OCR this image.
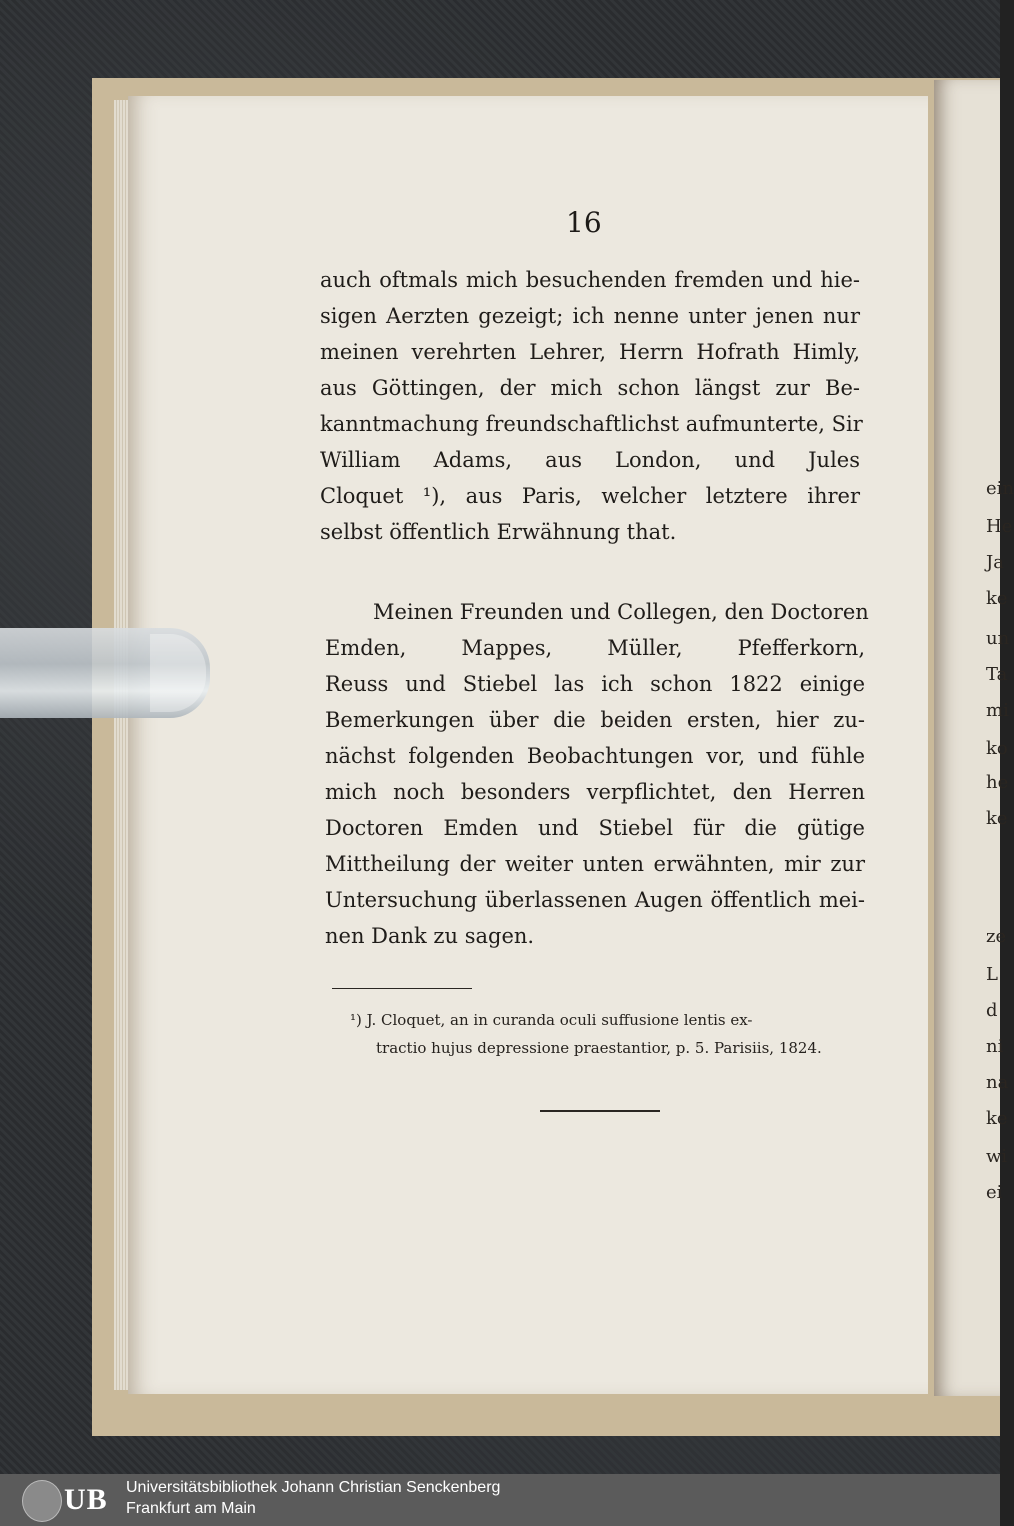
ein
He
Ja
ke
un
Ta
mi
ko
he
ke
ze
L
d
ni
na
ke
wi
ei
16
auch oftmals mich besuchenden fremden und hie-
sigen Aerzten gezeigt; ich nenne unter jenen nur
meinen verehrten Lehrer, Herrn Hofrath Himly,
aus Göttingen, der mich schon längst zur Be-
kanntmachung freundschaftlichst aufmunterte, Sir
William Adams, aus London, und Jules
Cloquet ¹), aus Paris, welcher letztere ihrer
selbst öffentlich Erwähnung that.
Meinen Freunden und Collegen, den Doctoren
Emden, Mappes, Müller, Pfefferkorn,
Reuss und Stiebel las ich schon 1822 einige
Bemerkungen über die beiden ersten, hier zu-
nächst folgenden Beobachtungen vor, und fühle
mich noch besonders verpflichtet, den Herren
Doctoren Emden und Stiebel für die gütige
Mittheilung der weiter unten erwähnten, mir zur
Untersuchung überlassenen Augen öffentlich mei-
nen Dank zu sagen.
¹) J. Cloquet, an in curanda oculi suffusione lentis ex-
tractio hujus depressione praestantior, p. 5. Parisiis, 1824.
UB Universitätsbibliothek Johann Christian Senckenberg
Frankfurt am Main
